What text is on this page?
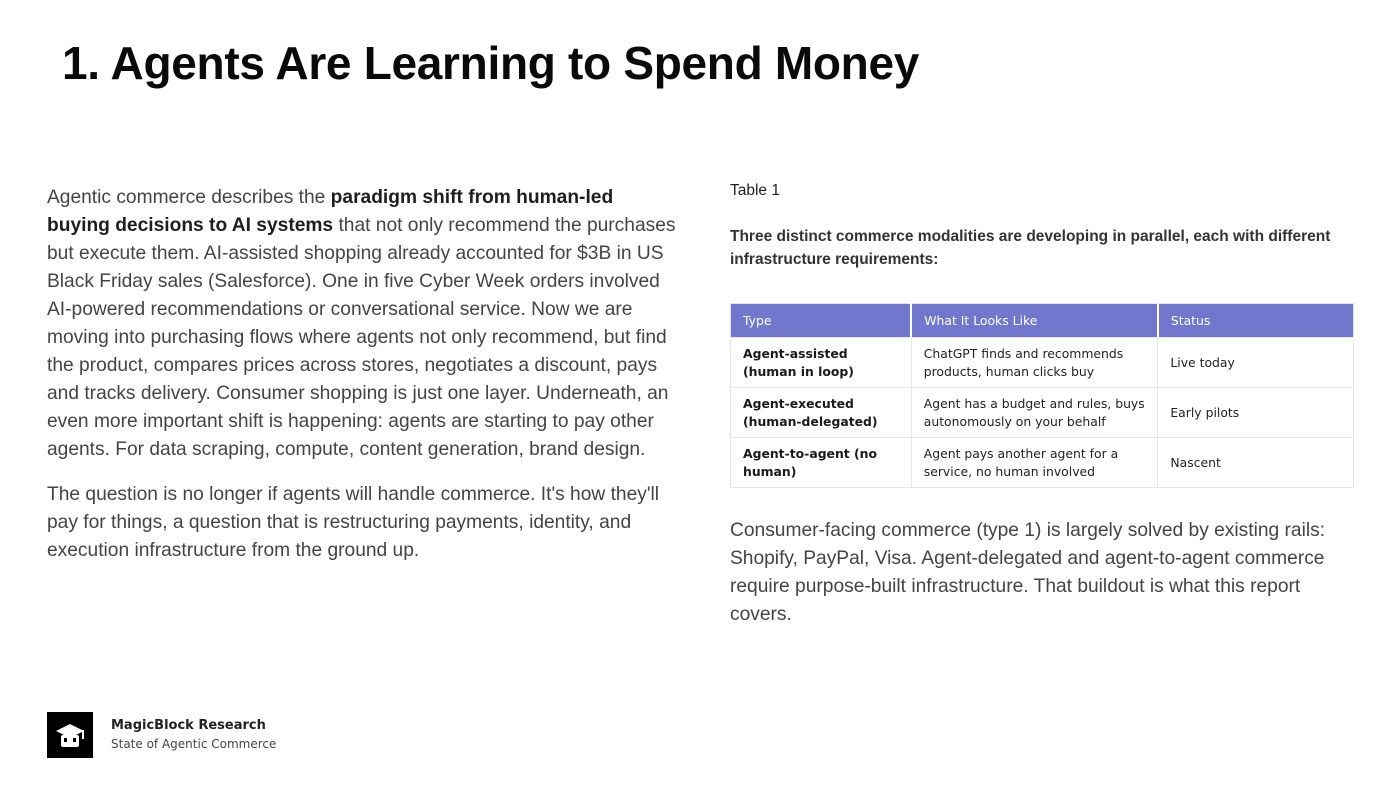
1. Agents Are Learning to Spend Money

Agentic commerce describes the paradigm shift from human-led buying decisions to AI systems that not only recommend the purchases but execute them. AI-assisted shopping already accounted for $3B in US Black Friday sales (Salesforce). One in five Cyber Week orders involved AI-powered recommendations or conversational service. Now we are moving into purchasing flows where agents not only recommend, but find the product, compares prices across stores, negotiates a discount, pays and tracks delivery. Consumer shopping is just one layer. Underneath, an even more important shift is happening: agents are starting to pay other agents. For data scraping, compute, content generation, brand design.

The question is no longer if agents will handle commerce. It's how they'll pay for things, a question that is restructuring payments, identity, and execution infrastructure from the ground up.

Table 1
Three distinct commerce modalities are developing in parallel, each with different infrastructure requirements:
Type	What It Looks Like	Status
Agent-assisted (human in loop)	ChatGPT finds and recommends products, human clicks buy	Live today
Agent-executed (human-delegated)	Agent has a budget and rules, buys autonomously on your behalf	Early pilots
Agent-to-agent (no human)	Agent pays another agent for a service, no human involved	Nascent
Consumer-facing commerce (type 1) is largely solved by existing rails: Shopify, PayPal, Visa. Agent-delegated and agent-to-agent commerce require purpose-built infrastructure. That buildout is what this report covers.
MagicBlock Research
State of Agentic Commerce
